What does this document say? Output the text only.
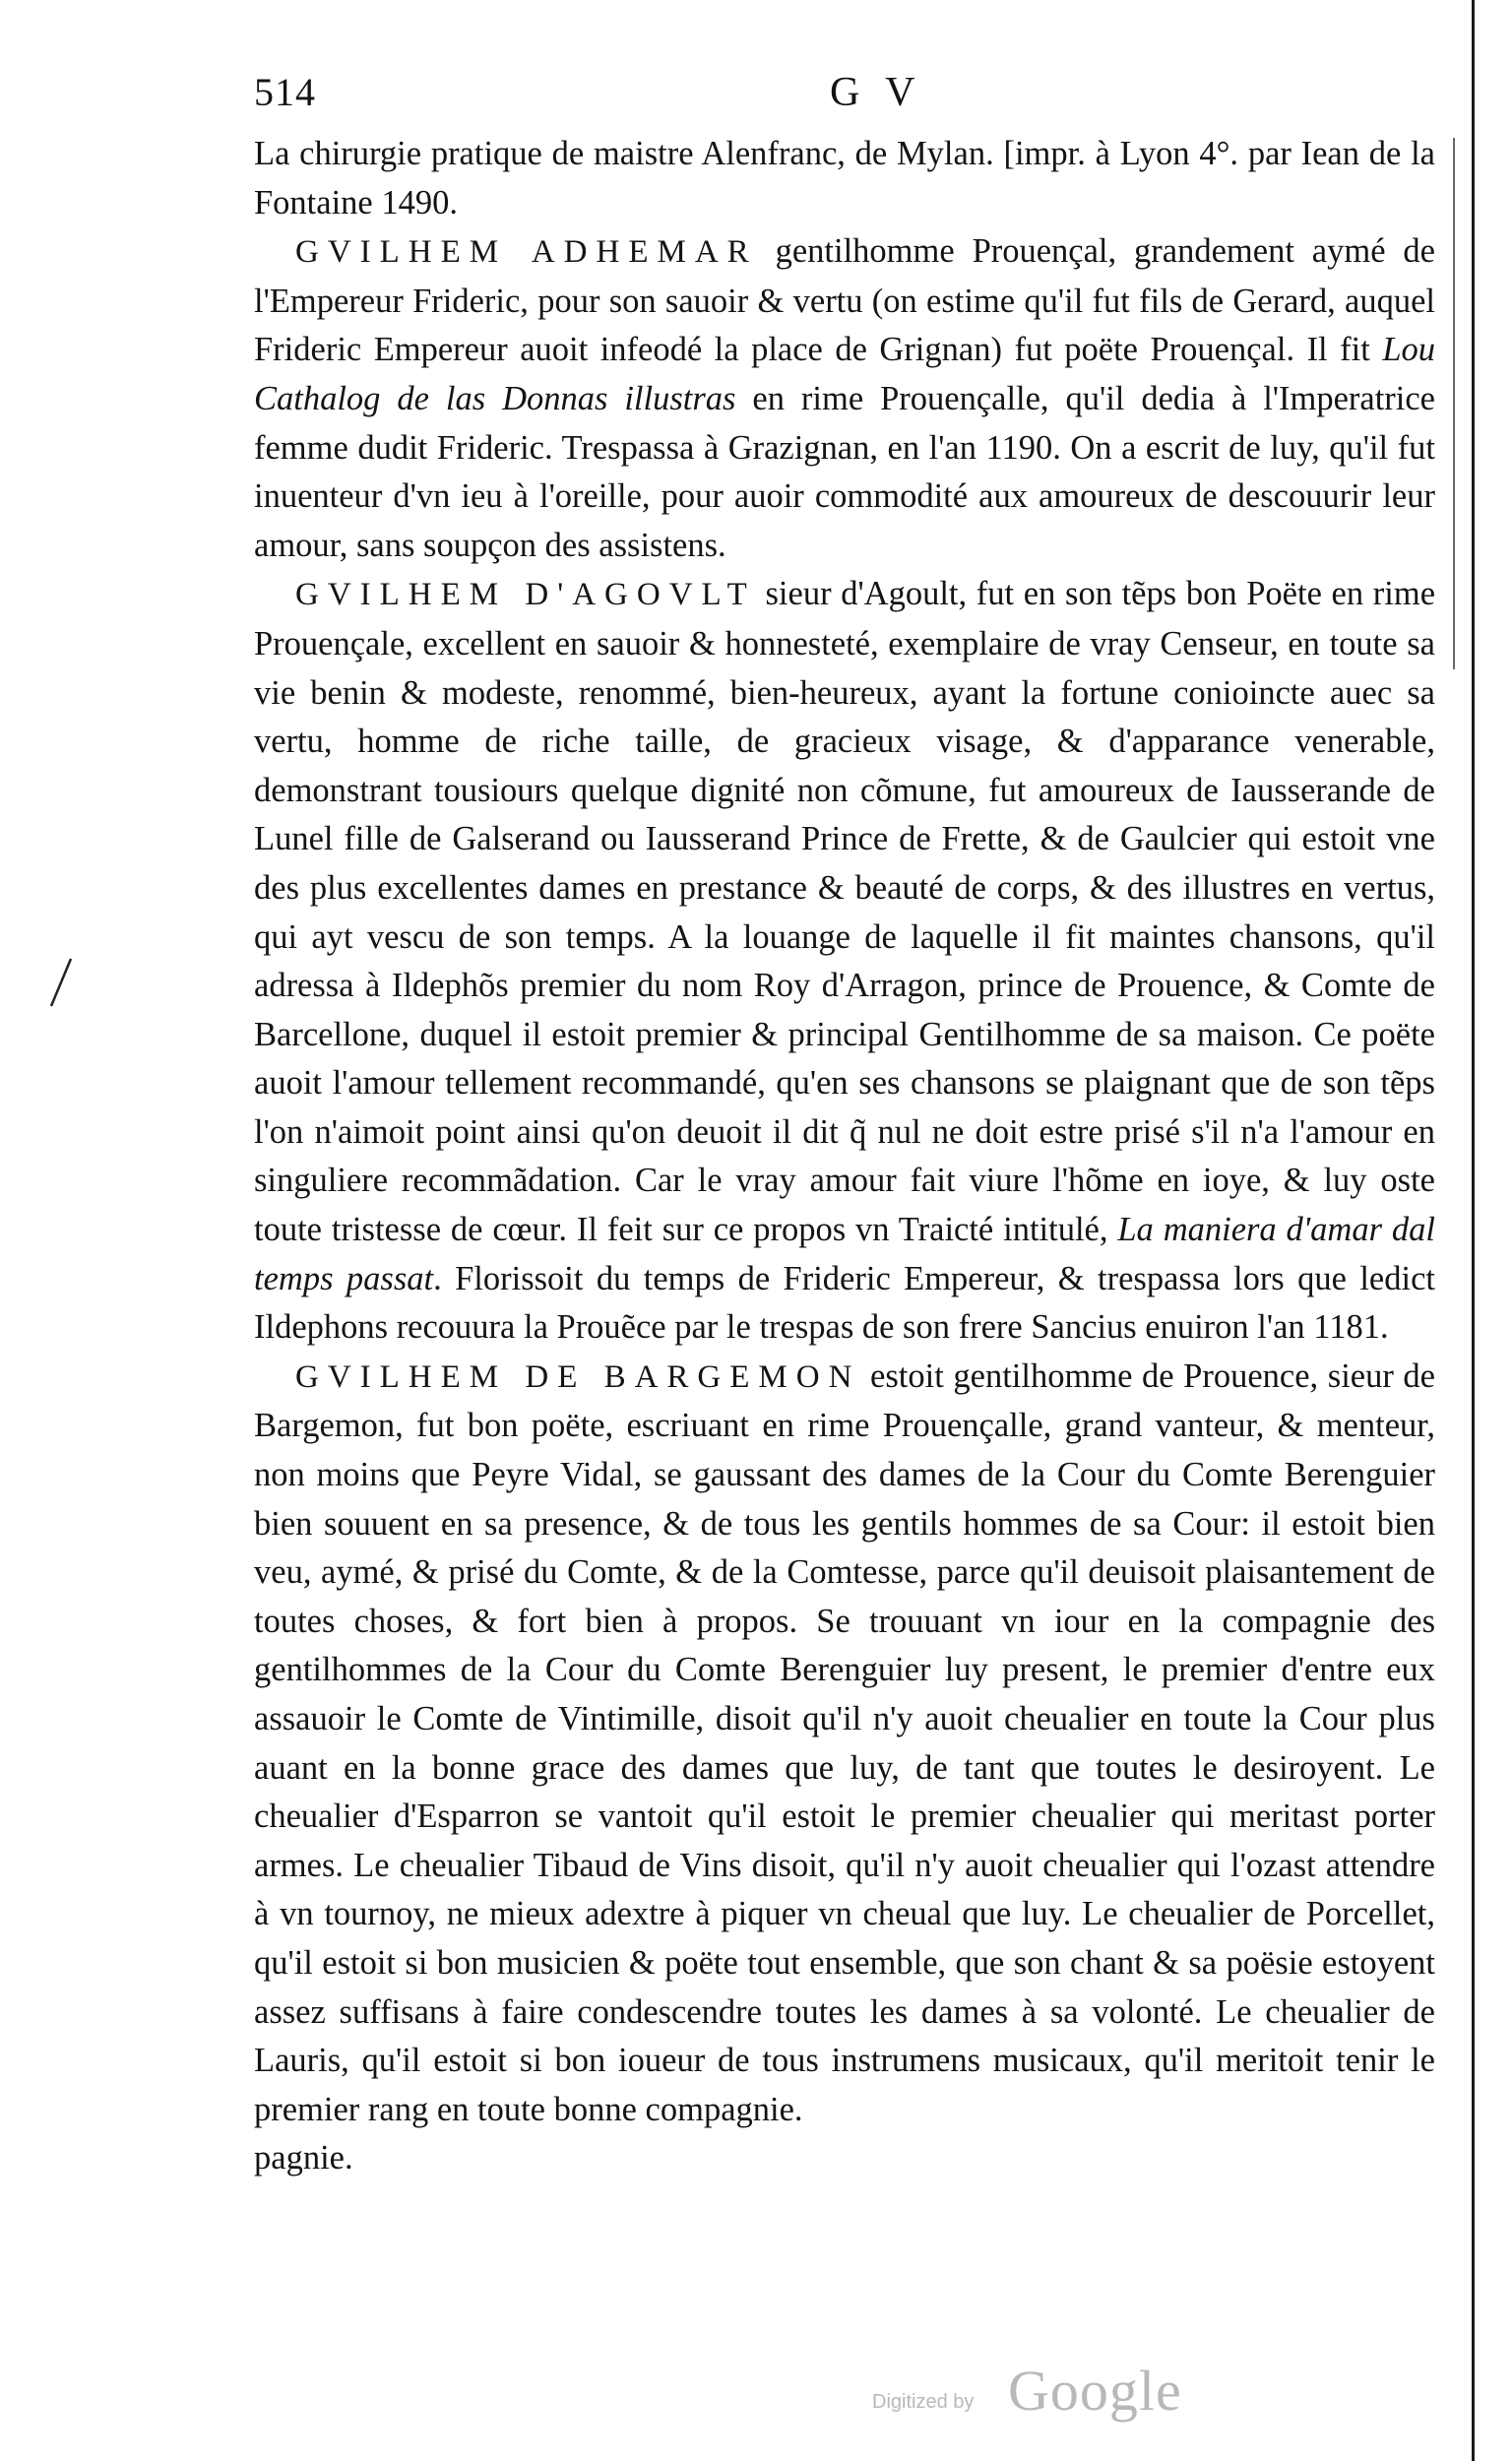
514	G V

La chirurgie pratique de maistre Alenfranc, de Mylan. [impr. à Lyon 4°. par Iean de la Fontaine 1490.

GVILHEM ADHEMAR gentilhomme Prouençal, grandement aymé de l'Empereur Frideric, pour son sauoir & vertu (on estime qu'il fut fils de Gerard, auquel Frideric Empereur auoit infeodé la place de Grignan) fut poëte Prouençal. Il fit Lou Cathalog de las Donnas illustras en rime Prouençalle, qu'il dedia à l'Imperatrice femme dudit Frideric. Trespassa à Grazignan, en l'an 1190. On a escrit de luy, qu'il fut inuenteur d'vn ieu à l'oreille, pour auoir commodité aux amoureux de descouurir leur amour, sans soupçon des assistens.

GVILHEM D'AGOVLT sieur d'Agoult, fut en son tẽps bon Poëte en rime Prouençale, excellent en sauoir & honnesteté, exemplaire de vray Censeur, en toute sa vie benin & modeste, renommé, bien-heureux, ayant la fortune conioincte auec sa vertu, homme de riche taille, de gracieux visage, & d'apparance venerable, demonstrant tousiours quelque dignité non cõmune, fut amoureux de Iausserande de Lunel fille de Galserand ou Iausserand Prince de Frette, & de Gaulcier qui estoit vne des plus excellentes dames en prestance & beauté de corps, & des illustres en vertus, qui ayt vescu de son temps. A la louange de laquelle il fit maintes chansons, qu'il adressa à Ildephõs premier du nom Roy d'Arragon, prince de Prouence, & Comte de Barcellone, duquel il estoit premier & principal Gentilhomme de sa maison. Ce poëte auoit l'amour tellement recommandé, qu'en ses chansons se plaignant que de son tẽps l'on n'aimoit point ainsi qu'on deuoit il dit q̃ nul ne doit estre prisé s'il n'a l'amour en singuliere recommãdation. Car le vray amour fait viure l'hõme en ioye, & luy oste toute tristesse de cœur. Il feit sur ce propos vn Traicté intitulé, La maniera d'amar dal temps passat. Florissoit du temps de Frideric Empereur, & trespassa lors que ledict Ildephons recouura la Prouẽce par le trespas de son frere Sancius enuiron l'an 1181.

GVILHEM DE BARGEMON estoit gentilhomme de Prouence, sieur de Bargemon, fut bon poëte, escriuant en rime Prouençalle, grand vanteur, & menteur, non moins que Peyre Vidal, se gaussant des dames de la Cour du Comte Berenguier bien souuent en sa presence, & de tous les gentils hommes de sa Cour: il estoit bien veu, aymé, & prisé du Comte, & de la Comtesse, parce qu'il deuisoit plaisantement de toutes choses, & fort bien à propos. Se trouuant vn iour en la compagnie des gentilhommes de la Cour du Comte Berenguier luy present, le premier d'entre eux assauoir le Comte de Vintimille, disoit qu'il n'y auoit cheualier en toute la Cour plus auant en la bonne grace des dames que luy, de tant que toutes le desiroyent. Le cheualier d'Esparron se vantoit qu'il estoit le premier cheualier qui meritast porter armes. Le cheualier Tibaud de Vins disoit, qu'il n'y auoit cheualier qui l'ozast attendre à vn tournoy, ne mieux adextre à piquer vn cheual que luy. Le cheualier de Porcellet, qu'il estoit si bon musicien & poëte tout ensemble, que son chant & sa poësie estoyent assez suffisans à faire condescendre toutes les dames à sa volonté. Le cheualier de Lauris, qu'il estoit si bon ioueur de tous instrumens musicaux, qu'il meritoit tenir le premier rang en toute bonne compagnie.

pagnie.

Digitized by Google
